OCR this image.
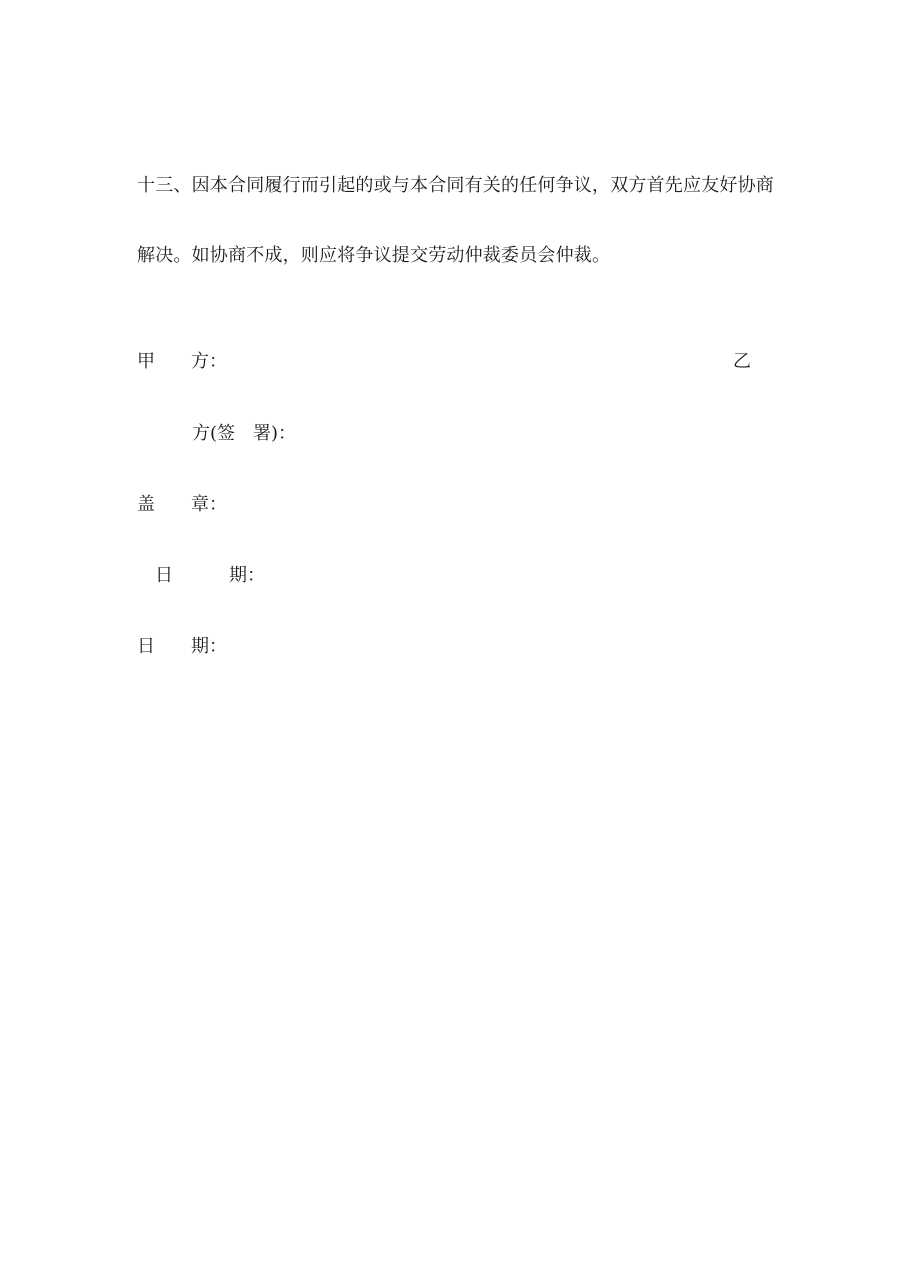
十三、因本合同履行而引起的或与本合同有关的任何争议，双方首先应友好协商
解决。如协商不成，则应将争议提交劳动仲裁委员会仲裁。
甲 方：	乙
方(签　署)：
盖 章：
日	期：
日 期：
